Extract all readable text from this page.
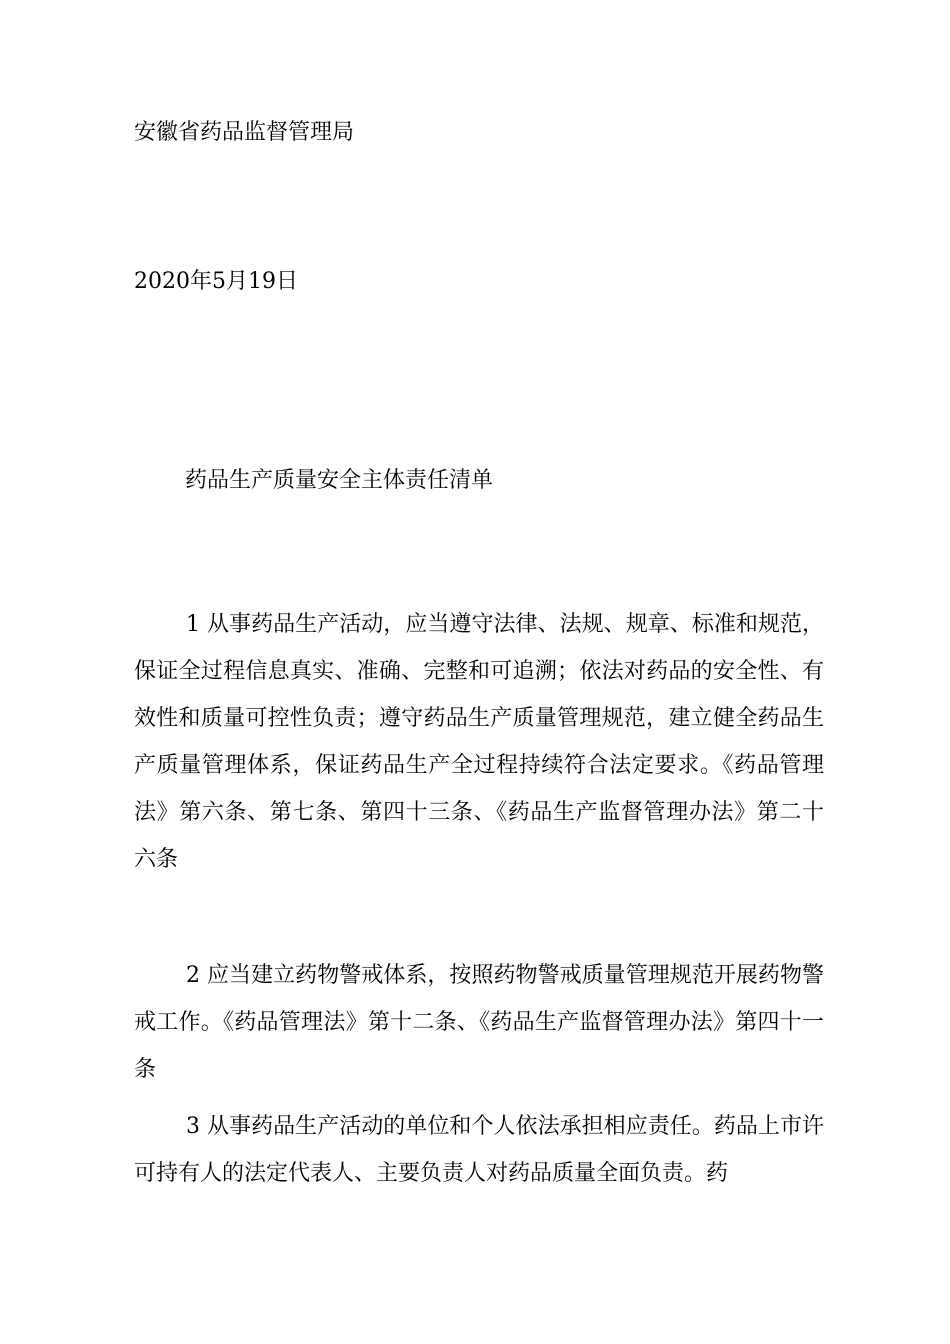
安徽省药品监督管理局
2020年5月19日
药品生产质量安全主体责任清单

1 从事药品生产活动，应当遵守法律、法规、规章、标准和规范，保证全过程信息真实、准确、完整和可追溯；依法对药品的安全性、有效性和质量可控性负责；遵守药品生产质量管理规范，建立健全药品生产质量管理体系，保证药品生产全过程持续符合法定要求。《药品管理法》第六条、第七条、第四十三条、《药品生产监督管理办法》第二十六条

2 应当建立药物警戒体系，按照药物警戒质量管理规范开展药物警戒工作。《药品管理法》第十二条、《药品生产监督管理办法》第四十一条

3 从事药品生产活动的单位和个人依法承担相应责任。药品上市许可持有人的法定代表人、主要负责人对药品质量全面负责。药
